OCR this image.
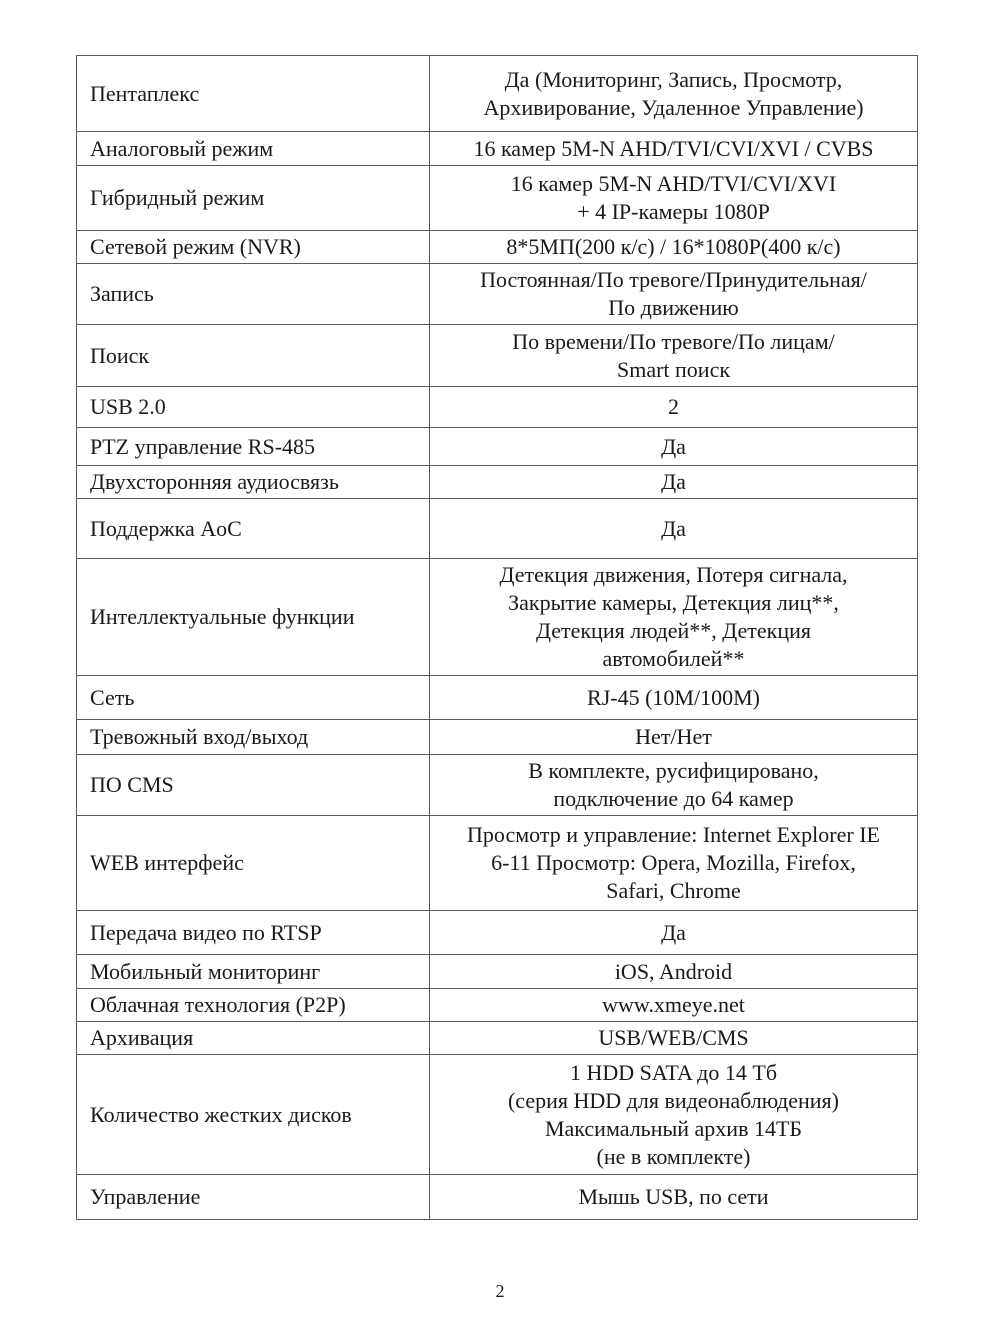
Пентаплекс	Да (Мониторинг, Запись, Просмотр,
Архивирование, Удаленное Управление)
Аналоговый режим	16 камер 5M-N AHD/TVI/CVI/XVI / CVBS
Гибридный режим	16 камер 5M-N AHD/TVI/CVI/XVI
+ 4 IP-камеры 1080P
Сетевой режим (NVR)	8*5МП(200 к/с) / 16*1080P(400 к/с)
Запись	Постоянная/По тревоге/Принудительная/
По движению
Поиск	По времени/По тревоге/По лицам/
Smart поиск
USB 2.0	2
PTZ управление RS-485	Да
Двухсторонняя аудиосвязь	Да
Поддержка AoC	Да
Интеллектуальные функции	Детекция движения, Потеря сигнала,
Закрытие камеры, Детекция лиц**,
Детекция людей**, Детекция
автомобилей**
Сеть	RJ-45 (10M/100M)
Тревожный вход/выход	Нет/Нет
ПО CMS	В комплекте, русифицировано,
подключение до 64 камер
WEB интерфейс	Просмотр и управление: Internet Explorer IE
6-11 Просмотр: Opera, Mozilla, Firefox,
Safari, Chrome
Передача видео по RTSP	Да
Мобильный мониторинг	iOS, Android
Облачная технология (P2P)	www.xmeye.net
Архивация	USB/WEB/CMS
Количество жестких дисков	1 HDD SATA до 14 Тб
(серия HDD для видеонаблюдения)
Максимальный архив 14ТБ
(не в комплекте)
Управление	Мышь USB, по сети
2
